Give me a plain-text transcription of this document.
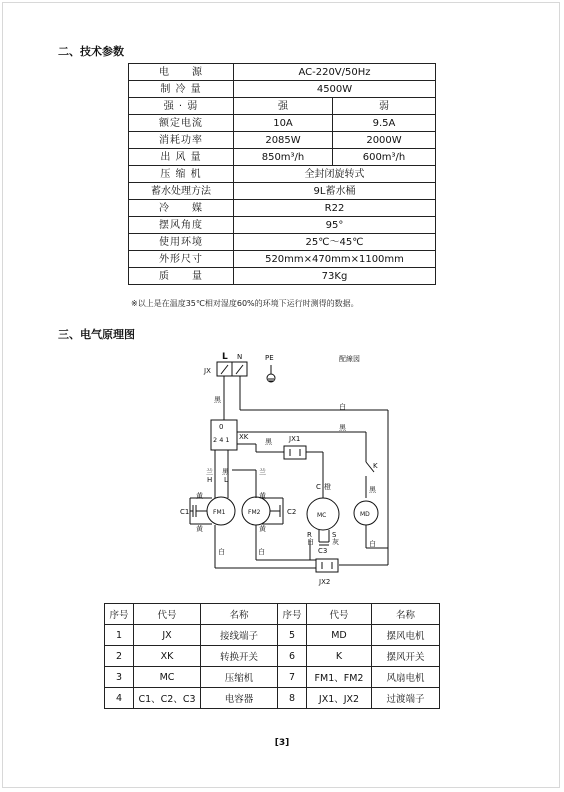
二、技术参数
电　　源	AC-220V/50Hz	
制 冷 量	4500W	
强 · 弱	强	弱
额定电流	10A	9.5A
消耗功率	2085W	2000W
出 风 量	850m³/h	600m³/h
压 缩 机	全封闭旋转式	
蓄水处理方法	9L蓄水桶	
冷　　媒	R22	
摆风角度	95°	
使用环境	25℃～45℃	
外形尺寸	520mm×470mm×1100mm	
质　　量	73Kg	
※以上是在温度35℃相对湿度60%的环境下运行时测得的数据。
三、电气原理图
配線図
L N	PE
JX
黑
白
黑
0
2 4 1 XK
黑 JX1
K
黑
兰
H
黑
L
兰
C 橙
黄
黄
黄
黄
C1	C2
FM1	FM2	MC	MD
R
白
S
灰
C3
白
白	白
JX2
序号	代号	名称	序号	代号	名称
1	JX	接线端子	5	MD	摆风电机
2	XK	转换开关	6	K	摆风开关
3	MC	压缩机	7	FM1、FM2	风扇电机
4	C1、C2、C3	电容器	8	JX1、JX2	过渡端子
[3]
